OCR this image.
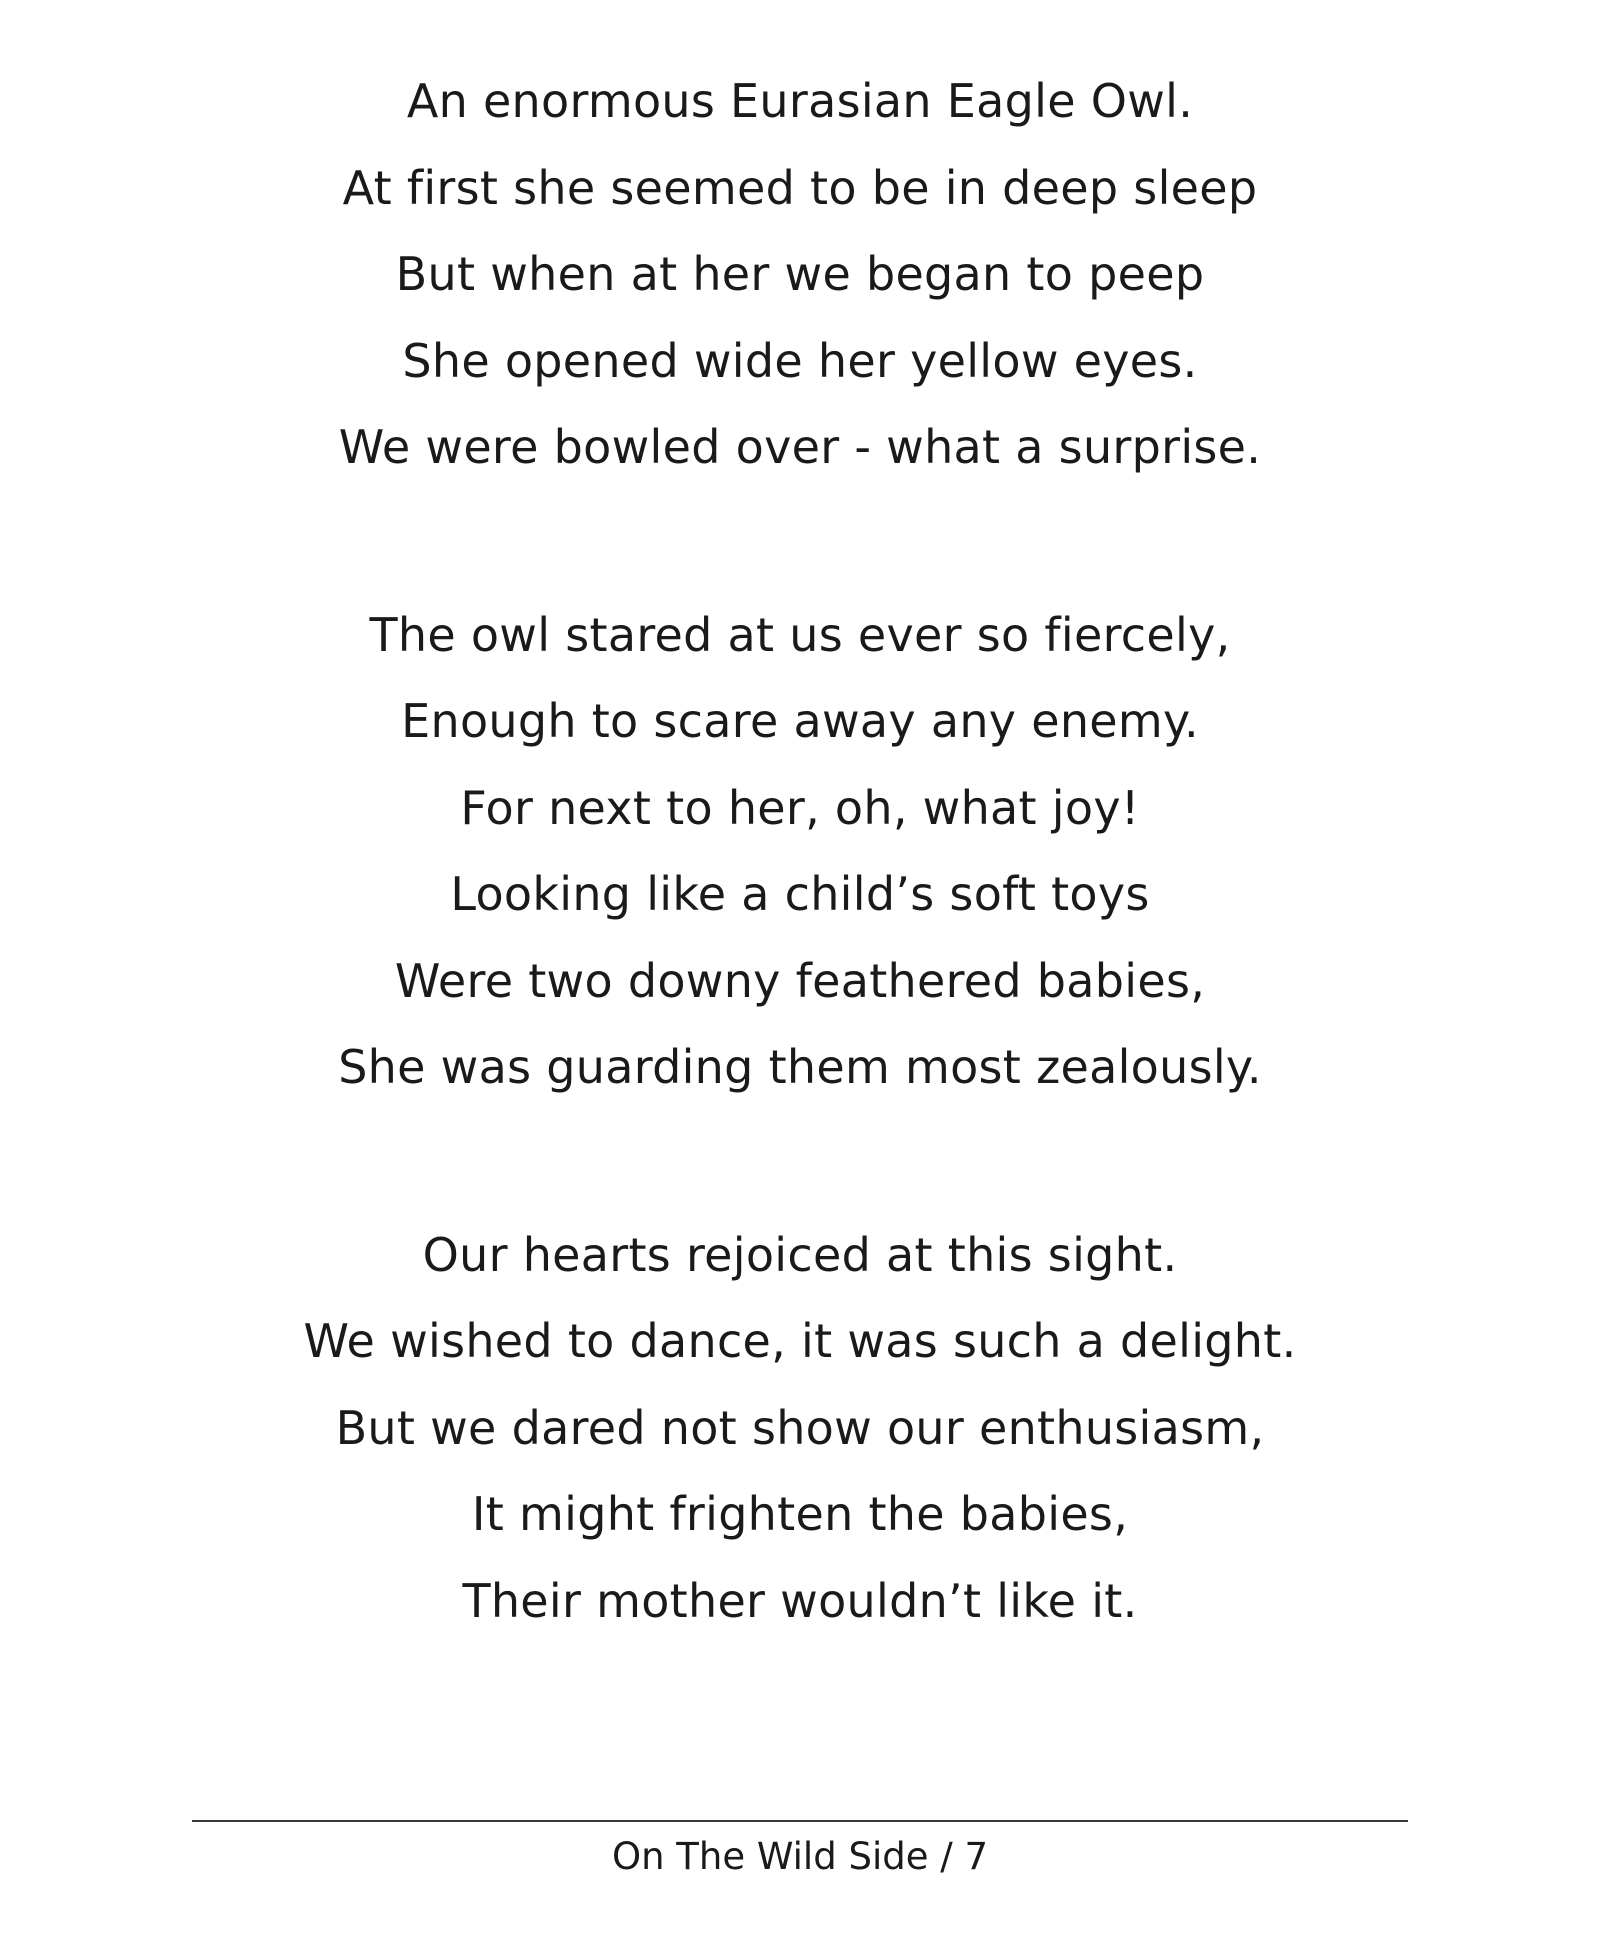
An enormous Eurasian Eagle Owl.
At first she seemed to be in deep sleep
But when at her we began to peep
She opened wide her yellow eyes.
We were bowled over - what a surprise.
The owl stared at us ever so fiercely,
Enough to scare away any enemy.
For next to her, oh, what joy!
Looking like a child’s soft toys
Were two downy feathered babies,
She was guarding them most zealously.
Our hearts rejoiced at this sight.
We wished to dance, it was such a delight.
But we dared not show our enthusiasm,
It might frighten the babies,
Their mother wouldn’t like it.
On The Wild Side / 7
